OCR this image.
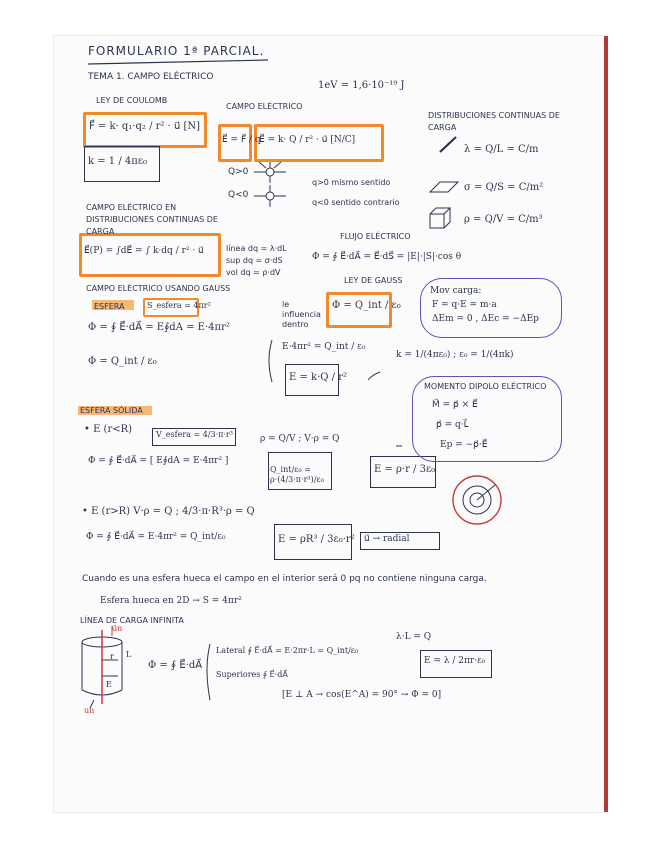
FORMULARIO 1ª PARCIAL.
TEMA 1. CAMPO ELÉCTRICO
1eV = 1,6·10⁻¹⁹ J
LEY DE COULOMB
F⃗ = k· q₁·q₂ / r² · u⃗ [N]
k = 1 / 4πε₀
CAMPO ELÉCTRICO
E⃗ = F⃗ / q
E⃗ = k· Q / r² · u⃗ [N/C]
Q>0
Q<0
q>0 mismo sentido
q<0 sentido contrario
DISTRIBUCIONES CONTINUAS DE CARGA
λ = Q/L = C/m
σ = Q/S = C/m²
ρ = Q/V = C/m³
CAMPO ELÉCTRICO EN DISTRIBUCIONES CONTINUAS DE CARGA
E⃗(P) = ∫dE⃗ = ∫ k·dq / r² · u⃗	línea dq = λ·dL
sup dq = σ·dS
vol dq = ρ·dV
FLUJO ELÉCTRICO
Φ = ∮ E⃗·dA⃗ = E⃗·dS⃗ = |E|·|S|·cos θ
LEY DE GAUSS
le influencia dentro
Φ = Q_int / ε₀
Mov carga:
F = q·E = m·a
ΔEm = 0 , ΔEc = −ΔEp
CAMPO ELÉCTRICO USANDO GAUSS
ESFERA	S_esfera = 4πr²
Φ = ∮ E⃗·dA⃗ = E∮dA = E·4πr²
Φ = Q_int / ε₀
E·4πr² = Q_int / ε₀
E = k·Q / r²
k = 1/(4πε₀) ; ε₀ = 1/(4πk)
MOMENTO DIPOLO ELÉCTRICO
M⃗ = p⃗ × E⃗
p⃗ = q·L⃗
Ep = −p⃗·E⃗
ESFERA SÓLIDA
• E (r<R)	V_esfera = 4/3·π·r³	ρ = Q/V ; V·ρ = Q
Φ = ∮ E⃗·dA⃗ = [ E∮dA = E·4πr² ]
Q_int/ε₀ = ρ·(4/3·π·r³)/ε₀
E = ρ·r / 3ε₀
• E (r>R) V·ρ = Q ; 4/3·π·R³·ρ = Q
Φ = ∮ E⃗·dA⃗ = E·4πr² = Q_int/ε₀	E = ρR³ / 3ε₀·r² u⃗ → radial
Cuando es una esfera hueca el campo en el interior será 0 pq no contiene ninguna carga.
Esfera hueca en 2D → S = 4πr²
LÍNEA DE CARGA INFINITA
λ·L = Q
Φ = ∮ E⃗·dA⃗
Lateral ∮ E⃗·dA⃗ = E·2πr·L = Q_int/ε₀
E = λ / 2πr·ε₀
Superiores ∮ E⃗·dA⃗
[E ⊥ A → cos(E^A) = 90° → Φ = 0]
u⃗n
un
r
E
L
